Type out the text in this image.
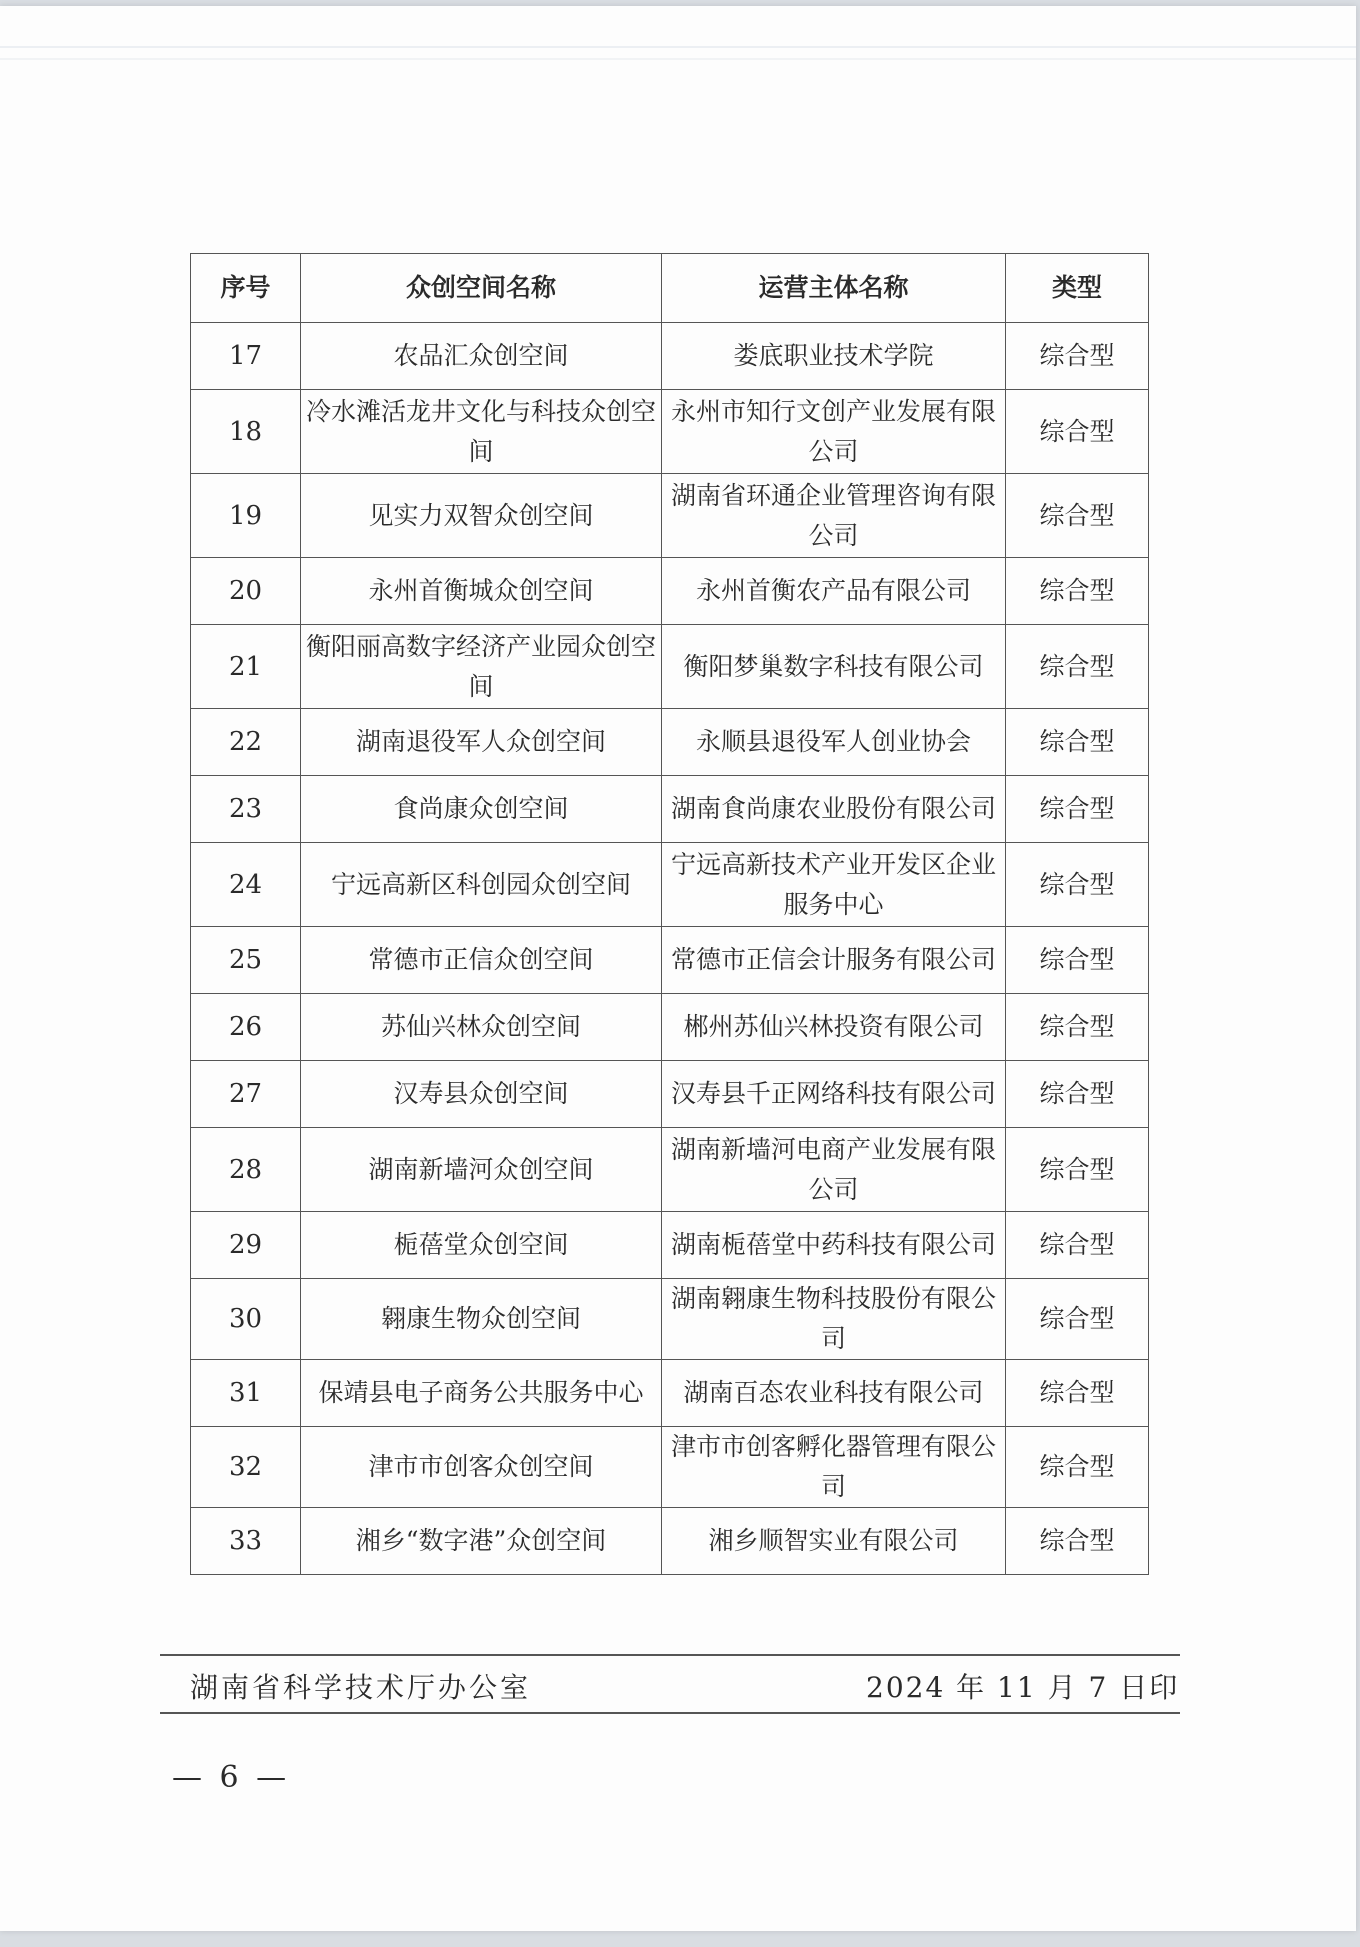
序号	众创空间名称	运营主体名称	类型
17	农品汇众创空间	娄底职业技术学院	综合型
18	冷水滩活龙井文化与科技众创空间	永州市知行文创产业发展有限公司	综合型
19	见实力双智众创空间	湖南省环通企业管理咨询有限公司	综合型
20	永州首衡城众创空间	永州首衡农产品有限公司	综合型
21	衡阳丽高数字经济产业园众创空间	衡阳梦巢数字科技有限公司	综合型
22	湖南退役军人众创空间	永顺县退役军人创业协会	综合型
23	食尚康众创空间	湖南食尚康农业股份有限公司	综合型
24	宁远高新区科创园众创空间	宁远高新技术产业开发区企业服务中心	综合型
25	常德市正信众创空间	常德市正信会计服务有限公司	综合型
26	苏仙兴林众创空间	郴州苏仙兴林投资有限公司	综合型
27	汉寿县众创空间	汉寿县千正网络科技有限公司	综合型
28	湖南新墙河众创空间	湖南新墙河电商产业发展有限公司	综合型
29	栀蓓堂众创空间	湖南栀蓓堂中药科技有限公司	综合型
30	翱康生物众创空间	湖南翱康生物科技股份有限公司	综合型
31	保靖县电子商务公共服务中心	湖南百态农业科技有限公司	综合型
32	津市市创客众创空间	津市市创客孵化器管理有限公司	综合型
33	湘乡“数字港”众创空间	湘乡顺智实业有限公司	综合型
湖南省科学技术厅办公室	2024 年 11 月 7 日印
— 6 —
